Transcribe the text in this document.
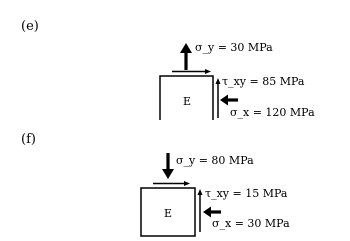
(e)
σ_y = 30 MPa
τ_xy = 85 MPa
σ_x = 120 MPa
(f)
σ_y = 80 MPa
τ_xy = 15 MPa
σ_x = 30 MPa
E
E
